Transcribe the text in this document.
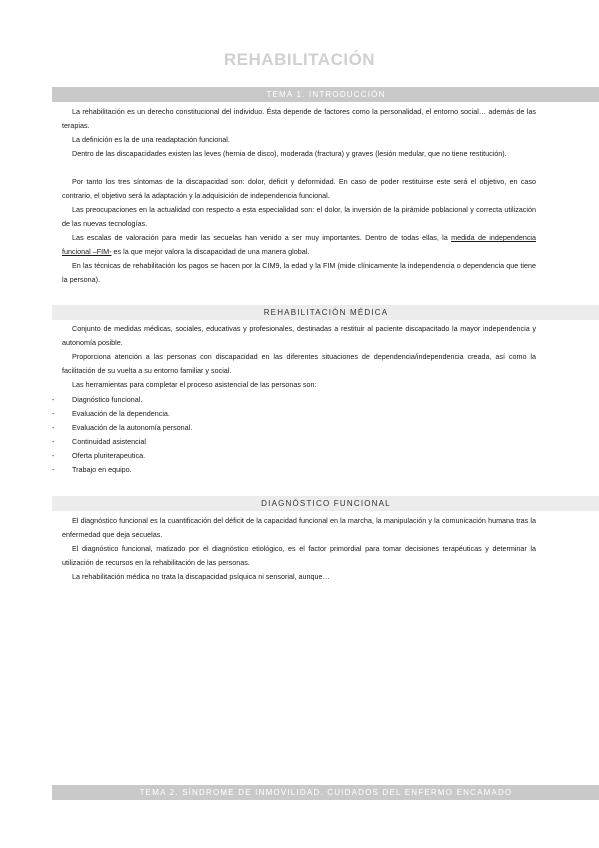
REHABILITACIÓN
TEMA 1. INTRODUCCIÓN

La rehabilitación es un derecho constitucional del individuo. Ésta depende de factores como la personalidad, el entorno social… además de las terapias.

La definición es la de una readaptación funcional.

Dentro de las discapacidades existen las leves (hernia de disco), moderada (fractura) y graves (lesión medular, que no tiene restitución).

Por tanto los tres síntomas de la discapacidad son: dolor, déficit y deformidad. En caso de poder restituirse este será el objetivo, en caso contrario, el objetivo será la adaptación y la adquisición de independencia funcional.

Las preocupaciones en la actualidad con respecto a esta especialidad son: el dolor, la inversión de la pirámide poblacional y correcta utilización de las nuevas tecnologías.

Las escalas de valoración para medir las secuelas han venido a ser muy importantes. Dentro de todas ellas, la medida de independencia funcional –FIM- es la que mejor valora la discapacidad de una manera global.

En las técnicas de rehabilitación los pagos se hacen por la CIM9, la edad y la FIM (mide clínicamente la independencia o dependencia que tiene la persona).

REHABILITACIÓN MÉDICA

Conjunto de medidas médicas, sociales, educativas y profesionales, destinadas a restituir al paciente discapacitado la mayor independencia y autonomía posible.

Proporciona atención a las personas con discapacidad en las diferentes situaciones de dependencia/independencia creada, así como la facilitación de su vuelta a su entorno familiar y social.

Las herramientas para completar el proceso asistencial de las personas son:

- Diagnóstico funcional.
- Evaluación de la dependencia.
- Evaluación de la autonomía personal.
- Continuidad asistencial
- Oferta pluriterapeutica.
- Trabajo en equipo.
DIAGNÓSTICO FUNCIONAL

El diagnóstico funcional es la cuantificación del déficit de la capacidad funcional en la marcha, la manipulación y la comunicación humana tras la enfermedad que deja secuelas.

El diagnóstico funcional, matizado por el diagnóstico etiológico, es el factor primordial para tomar decisiones terapéuticas y determinar la utilización de recursos en la rehabilitación de las personas.

La rehabilitación médica no trata la discapacidad psíquica ni sensorial, aunque…

TEMA 2. SÍNDROME DE INMOVILIDAD. CUIDADOS DEL ENFERMO ENCAMADO
